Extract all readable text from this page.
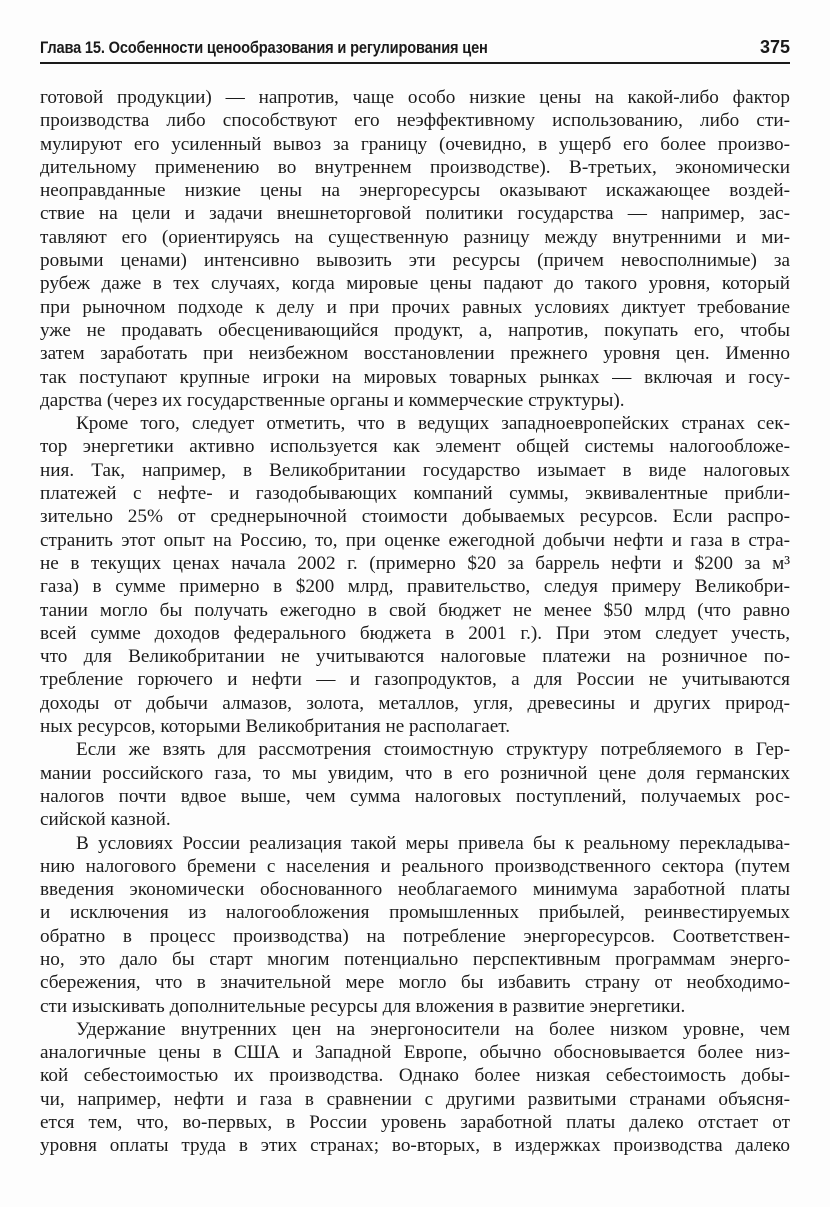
Глава 15. Особенности ценообразования и регулирования цен	375
готовой продукции) — напротив, чаще особо низкие цены на какой-либо фактор
производства либо способствуют его неэффективному использованию, либо сти-
мулируют его усиленный вывоз за границу (очевидно, в ущерб его более произво-
дительному применению во внутреннем производстве). В-третьих, экономически
неоправданные низкие цены на энергоресурсы оказывают искажающее воздей-
ствие на цели и задачи внешнеторговой политики государства — например, зас-
тавляют его (ориентируясь на существенную разницу между внутренними и ми-
ровыми ценами) интенсивно вывозить эти ресурсы (причем невосполнимые) за
рубеж даже в тех случаях, когда мировые цены падают до такого уровня, который
при рыночном подходе к делу и при прочих равных условиях диктует требование
уже не продавать обесценивающийся продукт, а, напротив, покупать его, чтобы
затем заработать при неизбежном восстановлении прежнего уровня цен. Именно
так поступают крупные игроки на мировых товарных рынках — включая и госу-
дарства (через их государственные органы и коммерческие структуры).
Кроме того, следует отметить, что в ведущих западноевропейских странах сек-
тор энергетики активно используется как элемент общей системы налогообложе-
ния. Так, например, в Великобритании государство изымает в виде налоговых
платежей с нефте- и газодобывающих компаний суммы, эквивалентные прибли-
зительно 25% от среднерыночной стоимости добываемых ресурсов. Если распро-
странить этот опыт на Россию, то, при оценке ежегодной добычи нефти и газа в стра-
не в текущих ценах начала 2002 г. (примерно $20 за баррель нефти и $200 за м³
газа) в сумме примерно в $200 млрд, правительство, следуя примеру Великобри-
тании могло бы получать ежегодно в свой бюджет не менее $50 млрд (что равно
всей сумме доходов федерального бюджета в 2001 г.). При этом следует учесть,
что для Великобритании не учитываются налоговые платежи на розничное по-
требление горючего и нефти — и газопродуктов, а для России не учитываются
доходы от добычи алмазов, золота, металлов, угля, древесины и других природ-
ных ресурсов, которыми Великобритания не располагает.
Если же взять для рассмотрения стоимостную структуру потребляемого в Гер-
мании российского газа, то мы увидим, что в его розничной цене доля германских
налогов почти вдвое выше, чем сумма налоговых поступлений, получаемых рос-
сийской казной.
В условиях России реализация такой меры привела бы к реальному перекладыва-
нию налогового бремени с населения и реального производственного сектора (путем
введения экономически обоснованного необлагаемого минимума заработной платы
и исключения из налогообложения промышленных прибылей, реинвестируемых
обратно в процесс производства) на потребление энергоресурсов. Соответствен-
но, это дало бы старт многим потенциально перспективным программам энерго-
сбережения, что в значительной мере могло бы избавить страну от необходимо-
сти изыскивать дополнительные ресурсы для вложения в развитие энергетики.
Удержание внутренних цен на энергоносители на более низком уровне, чем
аналогичные цены в США и Западной Европе, обычно обосновывается более низ-
кой себестоимостью их производства. Однако более низкая себестоимость добы-
чи, например, нефти и газа в сравнении с другими развитыми странами объясня-
ется тем, что, во-первых, в России уровень заработной платы далеко отстает от
уровня оплаты труда в этих странах; во-вторых, в издержках производства далеко
